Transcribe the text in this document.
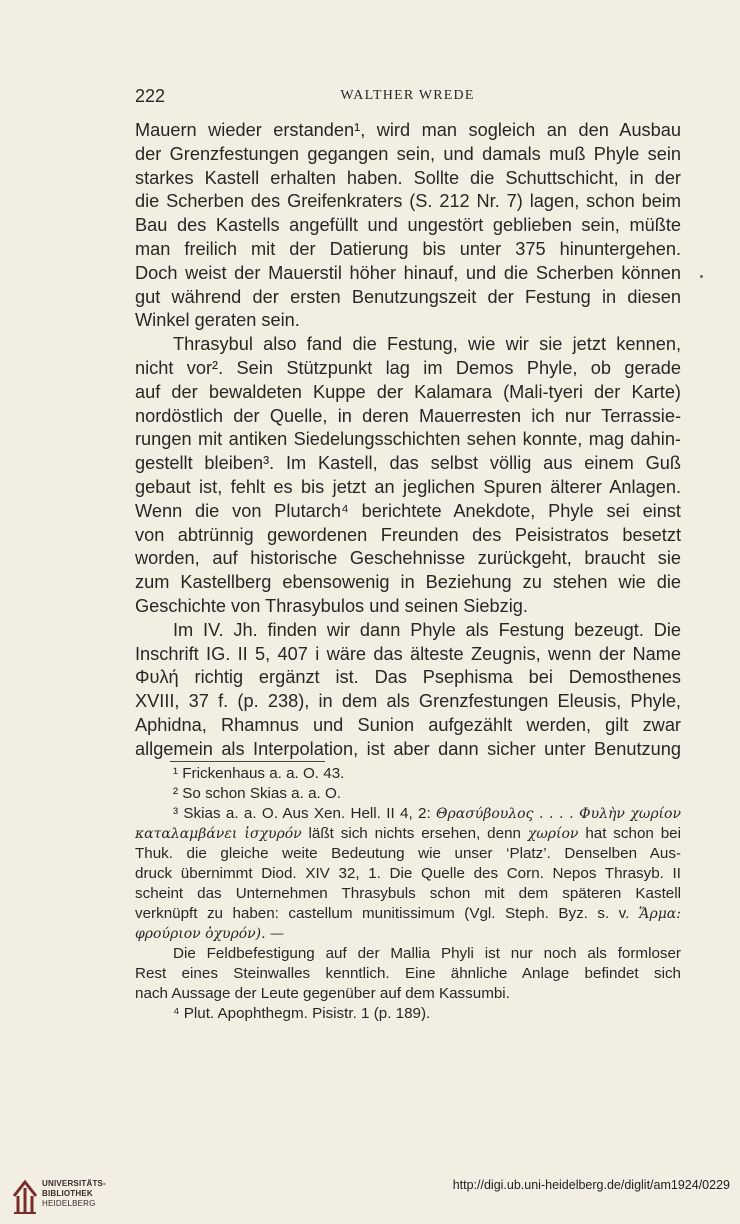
222	WALTHER WREDE
Mauern wieder erstanden¹, wird man sogleich an den Ausbau
der Grenzfestungen gegangen sein, und damals muß Phyle sein
starkes Kastell erhalten haben. Sollte die Schuttschicht, in der
die Scherben des Greifenkraters (S. 212 Nr. 7) lagen, schon beim
Bau des Kastells angefüllt und ungestört geblieben sein, müßte
man freilich mit der Datierung bis unter 375 hinuntergehen.
Doch weist der Mauerstil höher hinauf, und die Scherben können
gut während der ersten Benutzungszeit der Festung in diesen
Winkel geraten sein.
Thrasybul also fand die Festung, wie wir sie jetzt kennen,
nicht vor². Sein Stützpunkt lag im Demos Phyle, ob gerade
auf der bewaldeten Kuppe der Kalamara (Mali-tyeri der Karte)
nordöstlich der Quelle, in deren Mauerresten ich nur Terrassie-
rungen mit antiken Siedelungsschichten sehen konnte, mag dahin-
gestellt bleiben³. Im Kastell, das selbst völlig aus einem Guß
gebaut ist, fehlt es bis jetzt an jeglichen Spuren älterer Anlagen.
Wenn die von Plutarch⁴ berichtete Anekdote, Phyle sei einst
von abtrünnig gewordenen Freunden des Peisistratos besetzt
worden, auf historische Geschehnisse zurückgeht, braucht sie
zum Kastellberg ebensowenig in Beziehung zu stehen wie die
Geschichte von Thrasybulos und seinen Siebzig.
Im IV. Jh. finden wir dann Phyle als Festung bezeugt. Die
Inschrift IG. II 5, 407 i wäre das älteste Zeugnis, wenn der Name
Φυλή richtig ergänzt ist. Das Psephisma bei Demosthenes
XVIII, 37 f. (p. 238), in dem als Grenzfestungen Eleusis, Phyle,
Aphidna, Rhamnus und Sunion aufgezählt werden, gilt zwar
allgemein als Interpolation, ist aber dann sicher unter Benutzung
¹ Frickenhaus a. a. O. 43.
² So schon Skias a. a. O.
³ Skias a. a. O. Aus Xen. Hell. II 4, 2: Θρασύβουλος . . . . Φυλὴν χωρίον
καταλαμβάνει ἰσχυρόν läßt sich nichts ersehen, denn χωρίον hat schon bei
Thuk. die gleiche weite Bedeutung wie unser ‘Platz’. Denselben Aus-
druck übernimmt Diod. XIV 32, 1. Die Quelle des Corn. Nepos Thrasyb. II
scheint das Unternehmen Thrasybuls schon mit dem späteren Kastell
verknüpft zu haben: castellum munitissimum (Vgl. Steph. Byz. s. v. Ἅρμα:
φρούριον ὀχυρόν). —
Die Feldbefestigung auf der Mallia Phyli ist nur noch als formloser
Rest eines Steinwalles kenntlich. Eine ähnliche Anlage befindet sich
nach Aussage der Leute gegenüber auf dem Kassumbi.
⁴ Plut. Apophthegm. Pisistr. 1 (p. 189).
UNIVERSITÄTS-
BIBLIOTHEK
HEIDELBERG
http://digi.ub.uni-heidelberg.de/diglit/am1924/0229
